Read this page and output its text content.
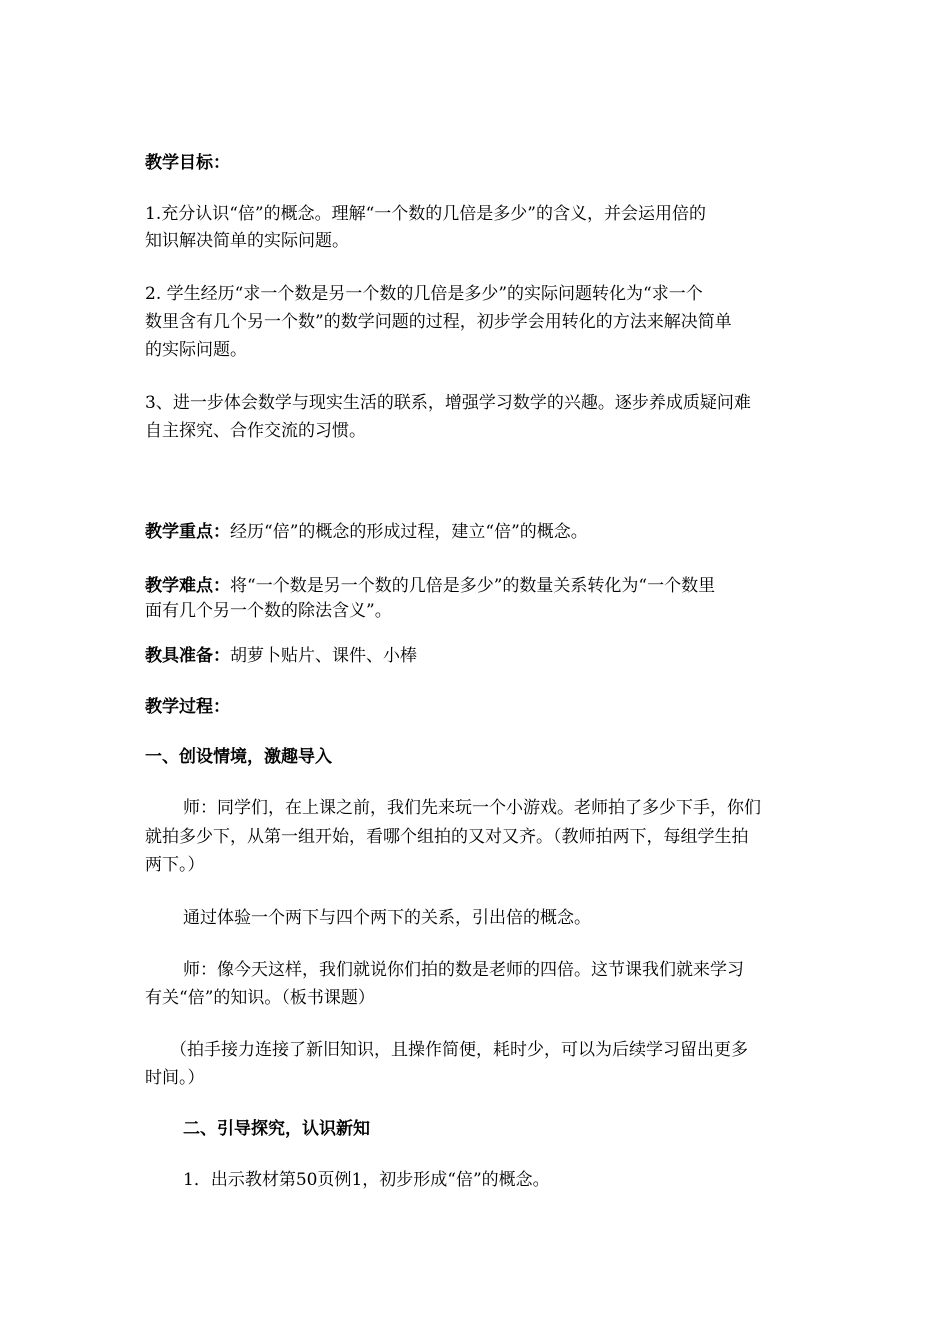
教学目标：
1.充分认识“倍”的概念。理解“一个数的几倍是多少”的含义，并会运用倍的
知识解决简单的实际问题。
2. 学生经历“求一个数是另一个数的几倍是多少”的实际问题转化为“求一个
数里含有几个另一个数”的数学问题的过程，初步学会用转化的方法来解决简单
的实际问题。
3、进一步体会数学与现实生活的联系，增强学习数学的兴趣。逐步养成质疑问难
自主探究、合作交流的习惯。
教学重点：经历“倍”的概念的形成过程，建立“倍”的概念。
教学难点：将“一个数是另一个数的几倍是多少”的数量关系转化为“一个数里
面有几个另一个数的除法含义”。
教具准备：胡萝卜贴片、课件、小棒
教学过程：
一、创设情境，激趣导入
师：同学们，在上课之前，我们先来玩一个小游戏。老师拍了多少下手，你们
就拍多少下，从第一组开始，看哪个组拍的又对又齐。（教师拍两下，每组学生拍
两下。）
通过体验一个两下与四个两下的关系，引出倍的概念。
师：像今天这样，我们就说你们拍的数是老师的四倍。这节课我们就来学习
有关“倍”的知识。（板书课题）
（拍手接力连接了新旧知识，且操作简便，耗时少，可以为后续学习留出更多
时间。）
二、引导探究，认识新知
1．出示教材第50页例1，初步形成“倍”的概念。
